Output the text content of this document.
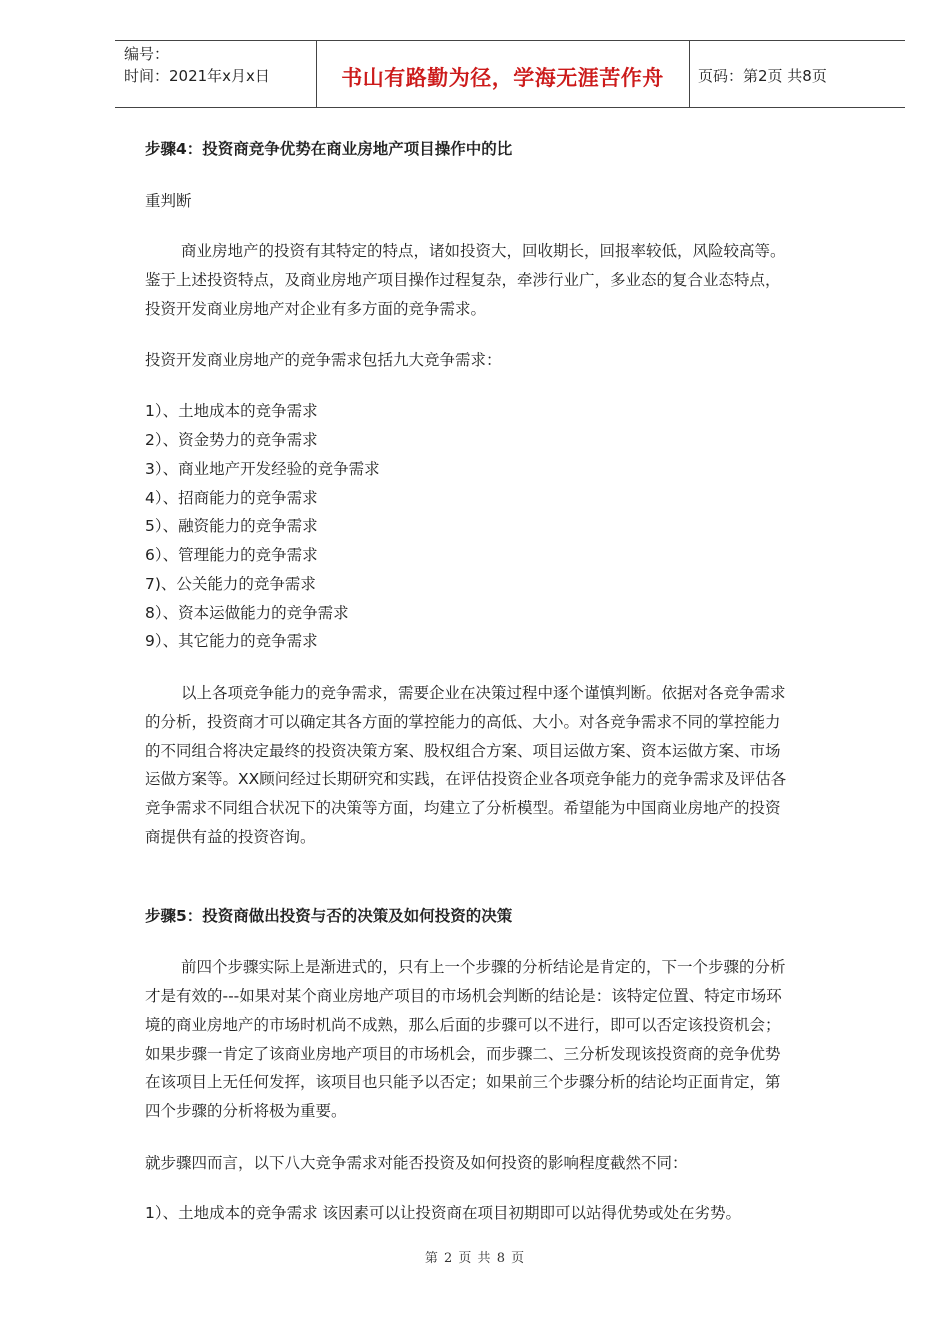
编号：
时间：2021年x月x日	书山有路勤为径，学海无涯苦作舟	页码：第2页 共8页
步骤4：投资商竞争优势在商业房地产项目操作中的比
重判断
商业房地产的投资有其特定的特点，诸如投资大，回收期长，回报率较低，风险较高等。
鉴于上述投资特点，及商业房地产项目操作过程复杂，牵涉行业广，多业态的复合业态特点，
投资开发商业房地产对企业有多方面的竞争需求。
投资开发商业房地产的竞争需求包括九大竞争需求：
1）、土地成本的竞争需求
2）、资金势力的竞争需求
3）、商业地产开发经验的竞争需求
4）、招商能力的竞争需求
5）、融资能力的竞争需求
6）、管理能力的竞争需求
7)、公关能力的竞争需求
8）、资本运做能力的竞争需求
9）、其它能力的竞争需求
以上各项竞争能力的竞争需求，需要企业在决策过程中逐个谨慎判断。依据对各竞争需求
的分析，投资商才可以确定其各方面的掌控能力的高低、大小。对各竞争需求不同的掌控能力
的不同组合将决定最终的投资决策方案、股权组合方案、项目运做方案、资本运做方案、市场
运做方案等。XX顾问经过长期研究和实践，在评估投资企业各项竞争能力的竞争需求及评估各
竞争需求不同组合状况下的决策等方面，均建立了分析模型。希望能为中国商业房地产的投资
商提供有益的投资咨询。
步骤5：投资商做出投资与否的决策及如何投资的决策
前四个步骤实际上是渐进式的，只有上一个步骤的分析结论是肯定的，下一个步骤的分析
才是有效的---如果对某个商业房地产项目的市场机会判断的结论是：该特定位置、特定市场环
境的商业房地产的市场时机尚不成熟，那么后面的步骤可以不进行，即可以否定该投资机会；
如果步骤一肯定了该商业房地产项目的市场机会，而步骤二、三分析发现该投资商的竞争优势
在该项目上无任何发挥，该项目也只能予以否定；如果前三个步骤分析的结论均正面肯定，第
四个步骤的分析将极为重要。
就步骤四而言，以下八大竞争需求对能否投资及如何投资的影响程度截然不同：
1）、土地成本的竞争需求 该因素可以让投资商在项目初期即可以站得优势或处在劣势。
第 2 页 共 8 页
